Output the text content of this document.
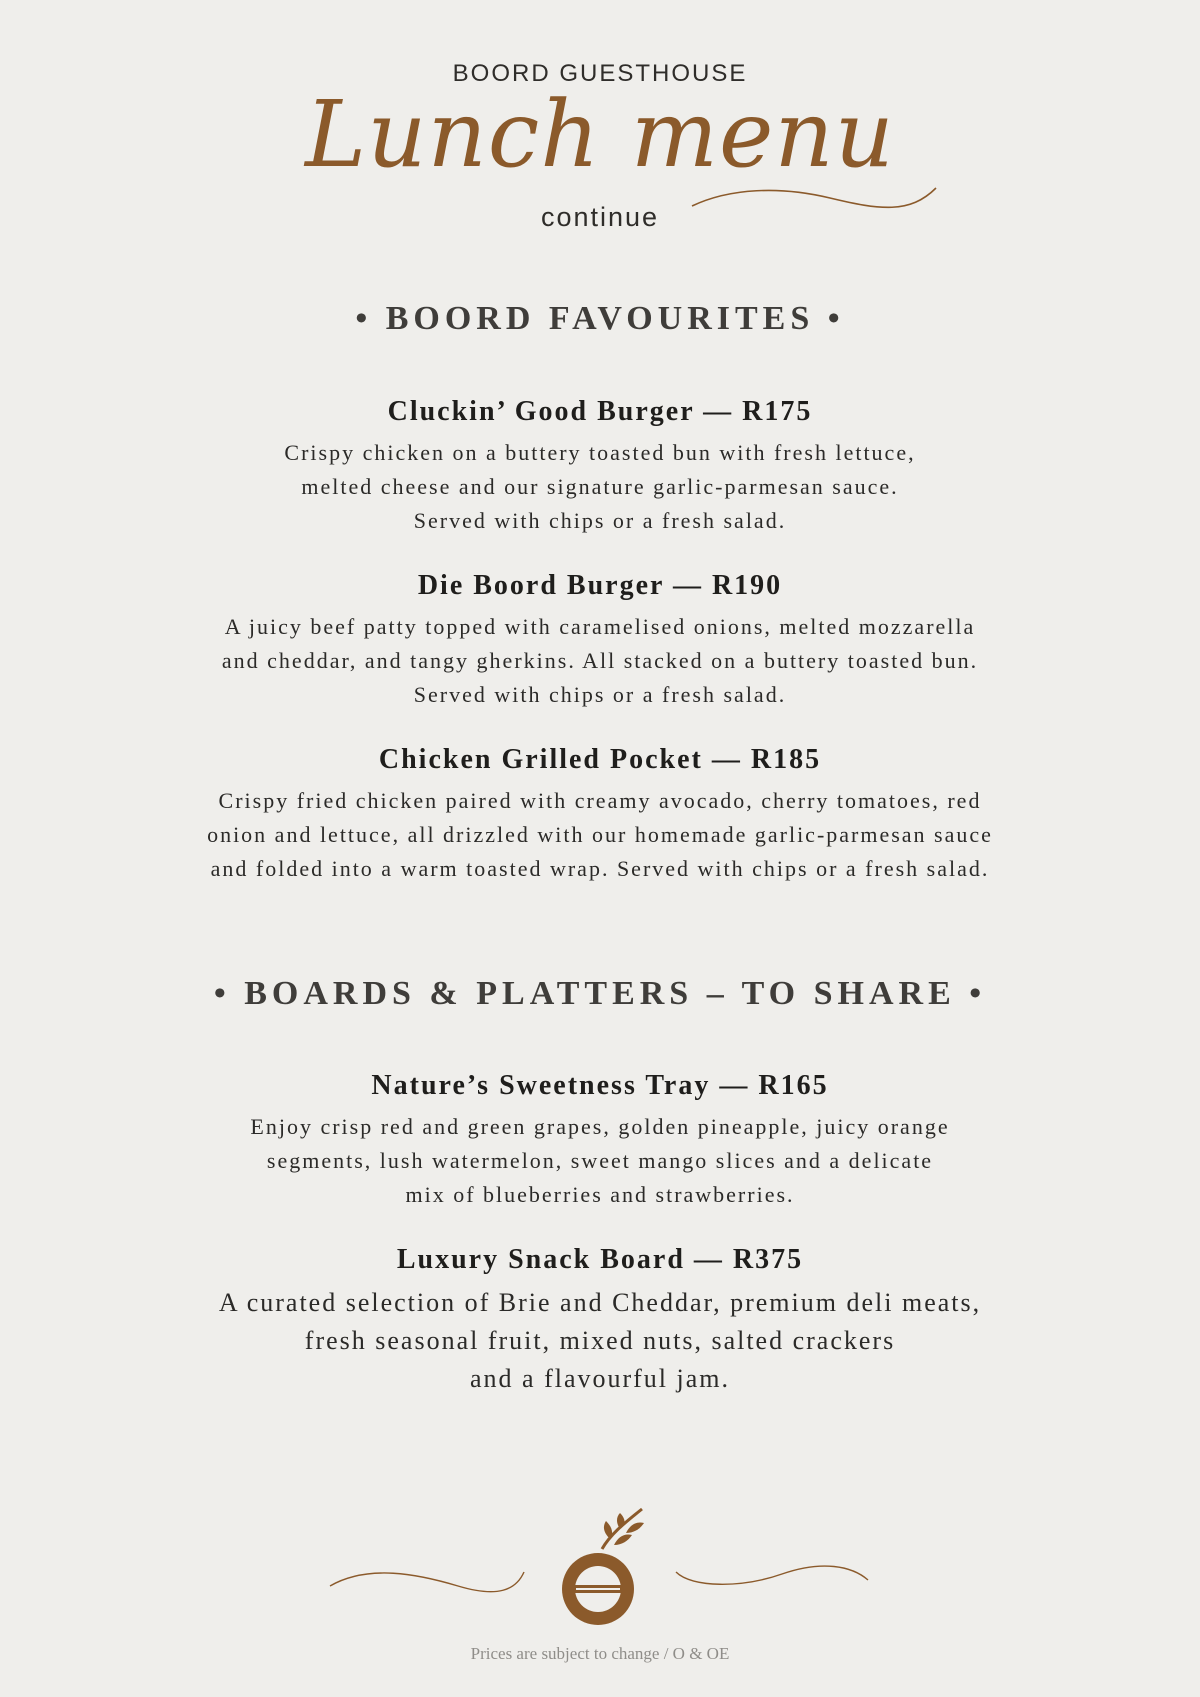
BOORD GUESTHOUSE
Lunch menu
continue
• BOORD FAVOURITES •
Cluckin’ Good Burger — R175
Crispy chicken on a buttery toasted bun with fresh lettuce,
melted cheese and our signature garlic-parmesan sauce.
Served with chips or a fresh salad.
Die Boord Burger — R190
A juicy beef patty topped with caramelised onions, melted mozzarella
and cheddar, and tangy gherkins. All stacked on a buttery toasted bun.
Served with chips or a fresh salad.
Chicken Grilled Pocket — R185
Crispy fried chicken paired with creamy avocado, cherry tomatoes, red
onion and lettuce, all drizzled with our homemade garlic-parmesan sauce
and folded into a warm toasted wrap. Served with chips or a fresh salad.
• BOARDS & PLATTERS – TO SHARE •
Nature’s Sweetness Tray — R165
Enjoy crisp red and green grapes, golden pineapple, juicy orange
segments, lush watermelon, sweet mango slices and a delicate
mix of blueberries and strawberries.
Luxury Snack Board — R375
A curated selection of Brie and Cheddar, premium deli meats,
fresh seasonal fruit, mixed nuts, salted crackers
and a flavourful jam.
Prices are subject to change / O & OE
